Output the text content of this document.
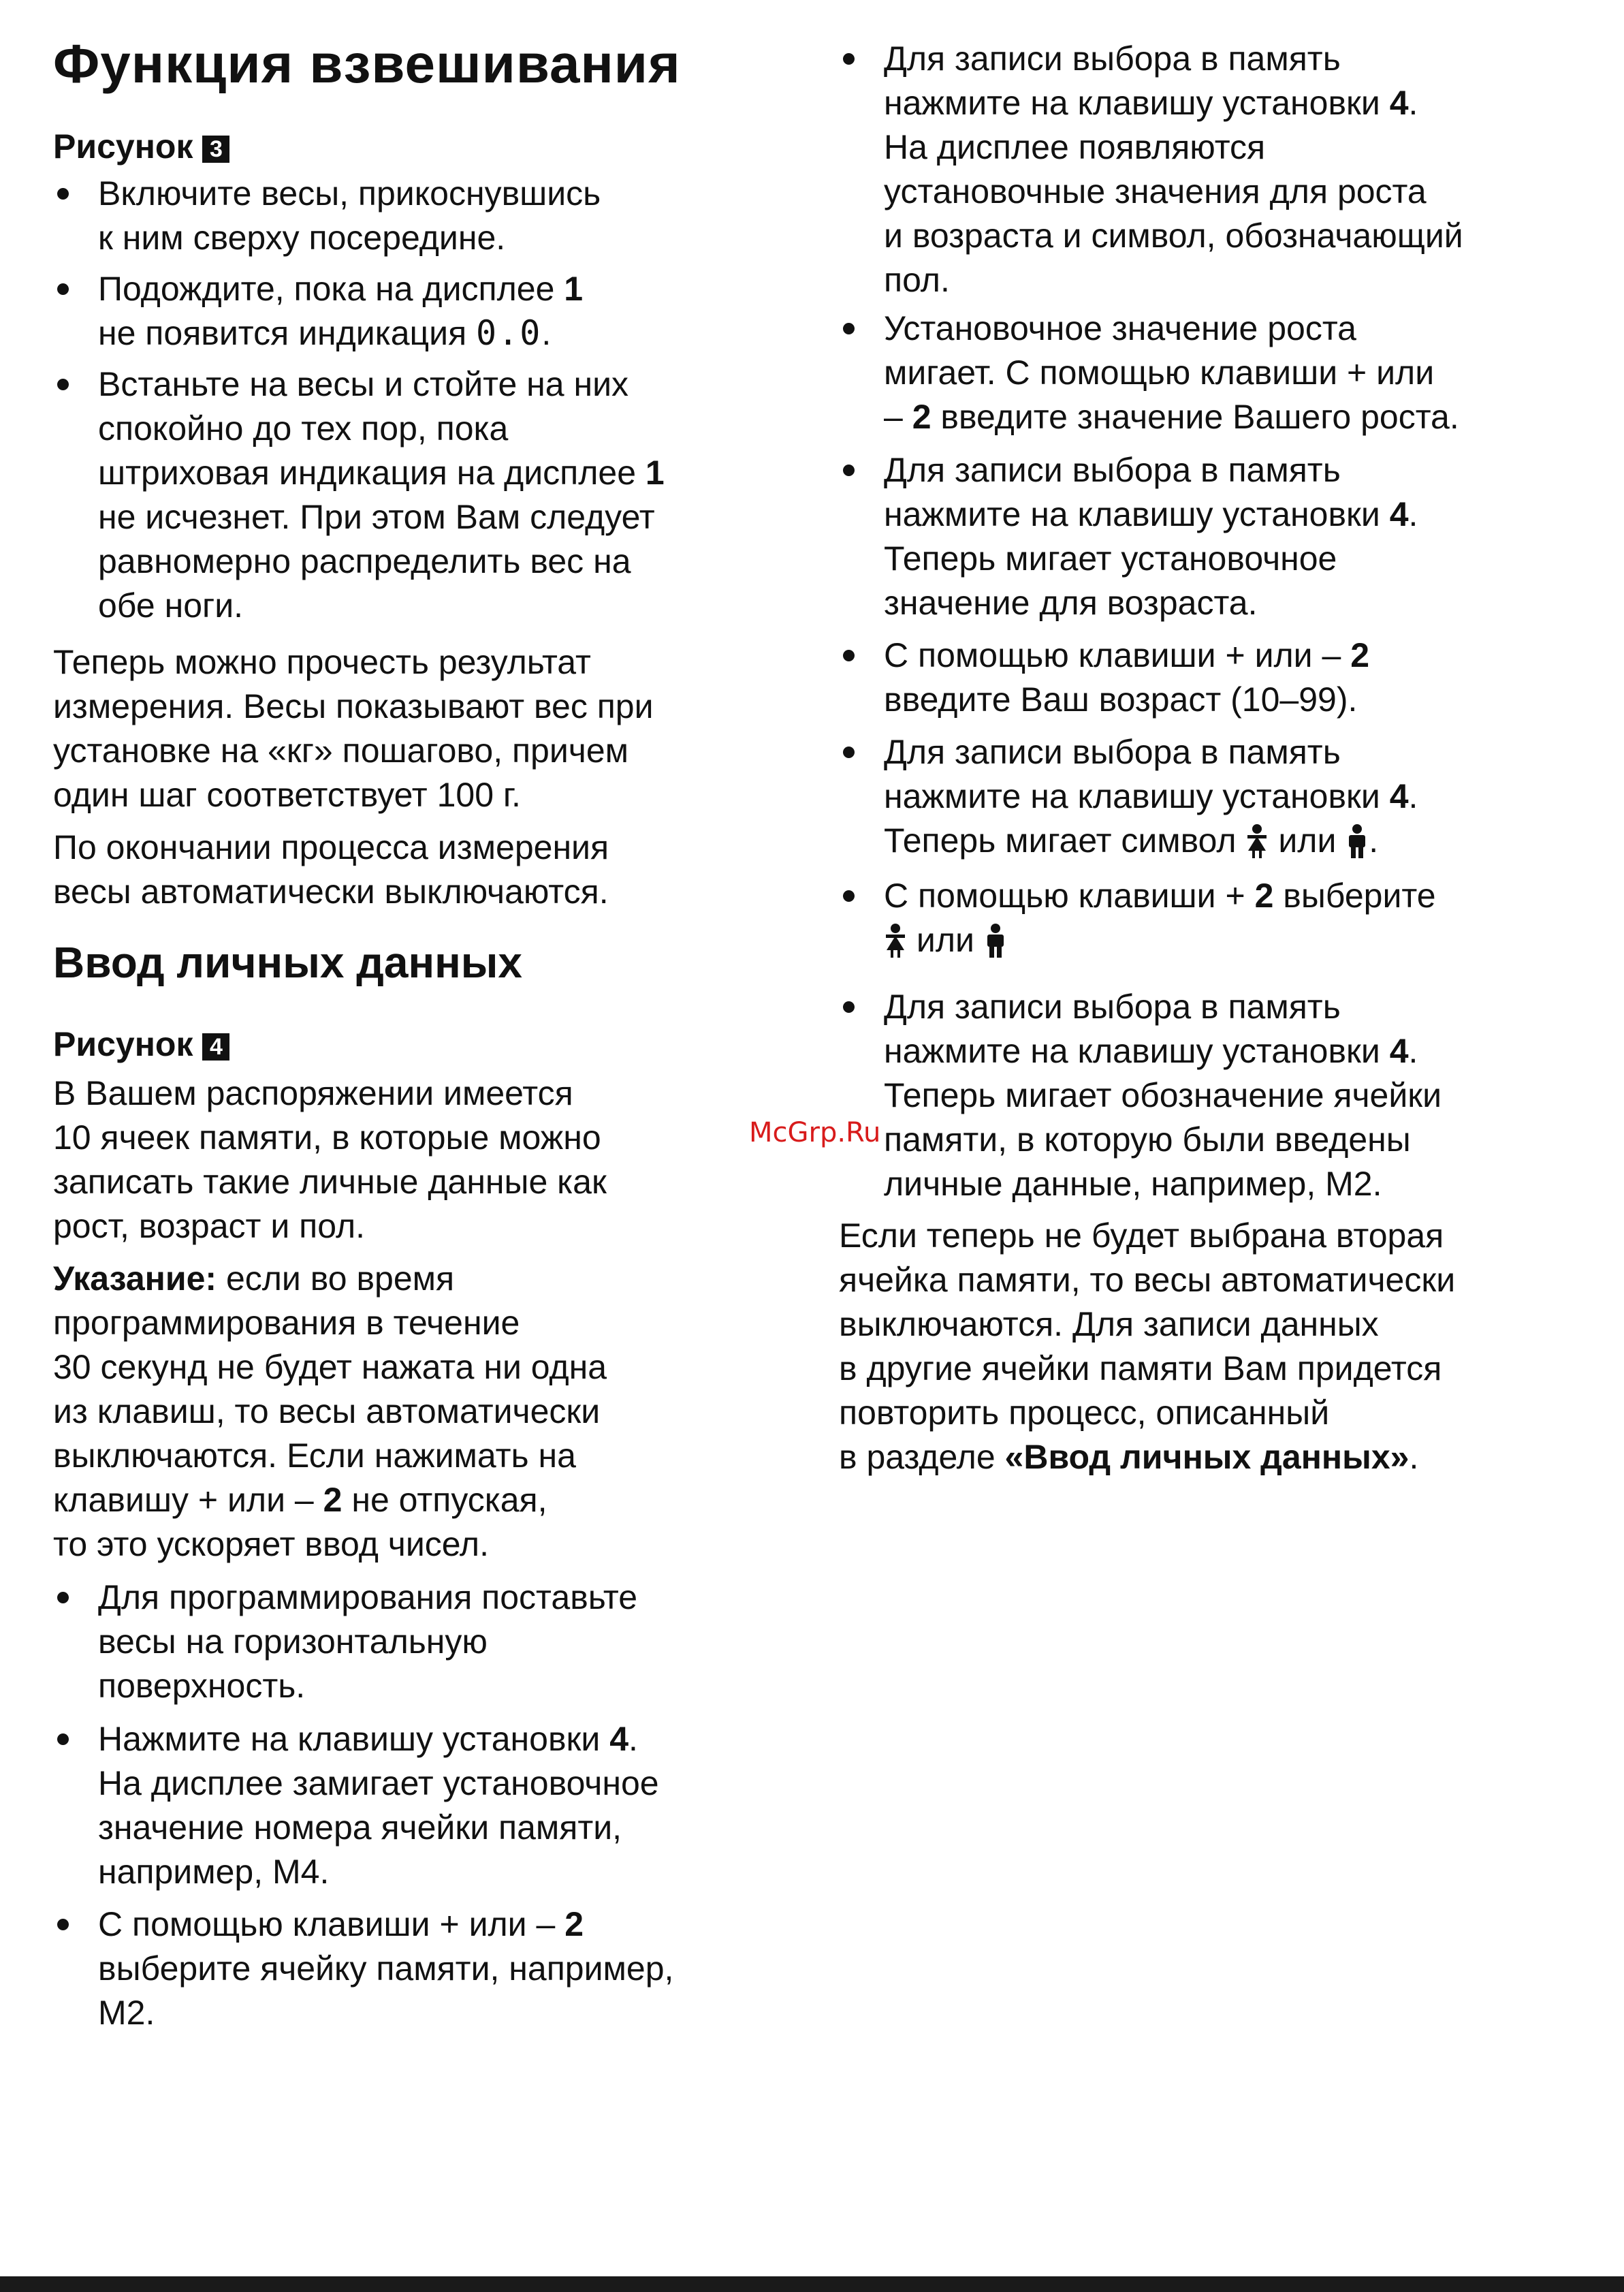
Функция взвешивания
Рисунок 3
Включите весы, прикоснувшись
к ним сверху посередине.
Подождите, пока на дисплее 1
не появится индикация 0.0.
Встаньте на весы и стойте на них
спокойно до тех пор, пока
штриховая индикация на дисплее 1
не исчезнет. При этом Вам следует
равномерно распределить вес на
обе ноги.
Теперь можно прочесть результат
измерения. Весы показывают вес при
установке на «кг» пошагово, причем
один шаг соответствует 100 г.
По окончании процесса измерения
весы автоматически выключаются.
Ввод личных данных
Рисунок 4
В Вашем распоряжении имеется
10 ячеек памяти, в которые можно
записать такие личные данные как
рост, возраст и пол.
Указание: если во время
программирования в течение
30 секунд не будет нажата ни одна
из клавиш, то весы автоматически
выключаются. Если нажимать на
клавишу + или – 2 не отпуская,
то это ускоряет ввод чисел.
Для программирования поставьте
весы на горизонтальную
поверхность.
Нажмите на клавишу установки 4.
На дисплее замигает установочное
значение номера ячейки памяти,
например, M4.
С помощью клавиши + или – 2
выберите ячейку памяти, например,
M2.
Для записи выбора в память
нажмите на клавишу установки 4.
На дисплее появляются
установочные значения для роста
и возраста и символ, обозначающий
пол.
Установочное значение роста
мигает. С помощью клавиши + или
– 2 введите значение Вашего роста.
Для записи выбора в память
нажмите на клавишу установки 4.
Теперь мигает установочное
значение для возраста.
С помощью клавиши + или – 2
введите Ваш возраст (10–99).
Для записи выбора в память
нажмите на клавишу установки 4.
Теперь мигает символ  или .
С помощью клавиши + 2 выберите
или
Для записи выбора в память
нажмите на клавишу установки 4.
Теперь мигает обозначение ячейки
памяти, в которую были введены
личные данные, например, M2.
Если теперь не будет выбрана вторая
ячейка памяти, то весы автоматически
выключаются. Для записи данных
в другие ячейки памяти Вам придется
повторить процесс, описанный
в разделе «Ввод личных данных».
McGrp.Ru
